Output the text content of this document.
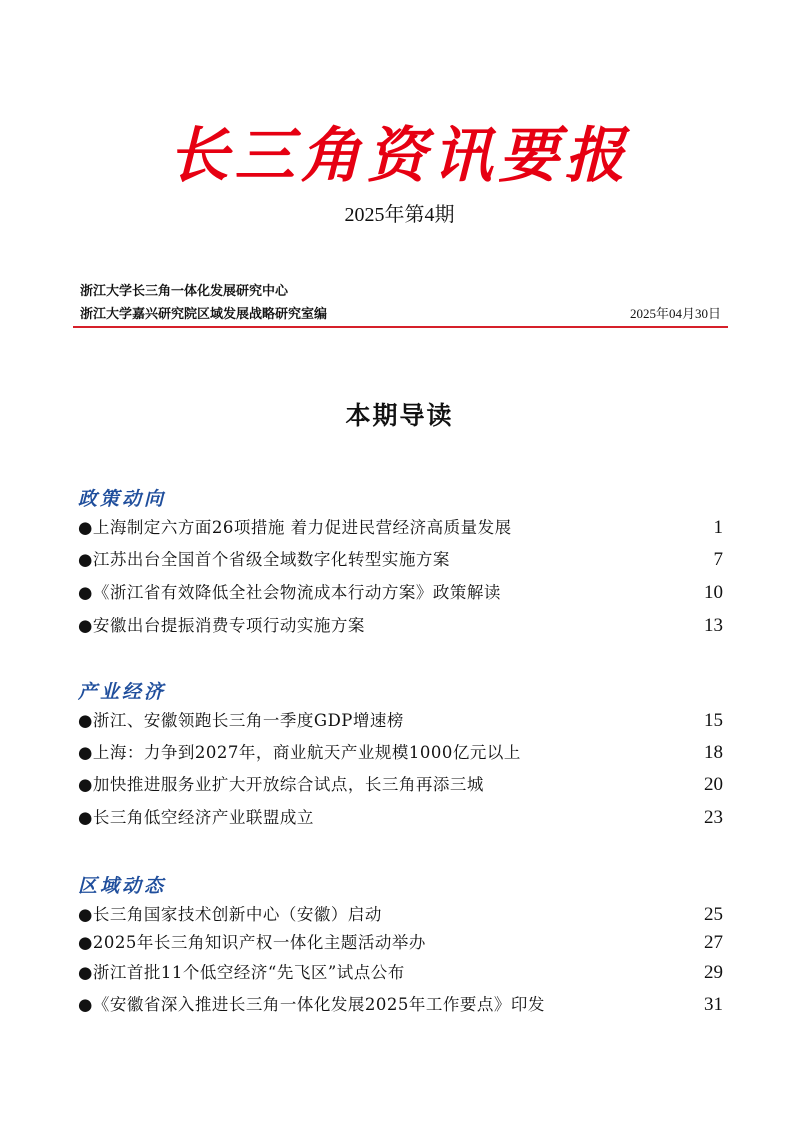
长三角资讯要报
2025年第4期
浙江大学长三角一体化发展研究中心
浙江大学嘉兴研究院区域发展战略研究室编	2025年04月30日
本期导读
政策动向
●上海制定六方面26项措施 着力促进民营经济高质量发展	1
●江苏出台全国首个省级全域数字化转型实施方案	7
●《浙江省有效降低全社会物流成本行动方案》政策解读	10
●安徽出台提振消费专项行动实施方案	13
产业经济
●浙江、安徽领跑长三角一季度GDP增速榜	15
●上海：力争到2027年，商业航天产业规模1000亿元以上	18
●加快推进服务业扩大开放综合试点，长三角再添三城	20
●长三角低空经济产业联盟成立	23
区域动态
●长三角国家技术创新中心（安徽）启动	25
●2025年长三角知识产权一体化主题活动举办	27
●浙江首批11个低空经济“先飞区”试点公布	29
●《安徽省深入推进长三角一体化发展2025年工作要点》印发	31
